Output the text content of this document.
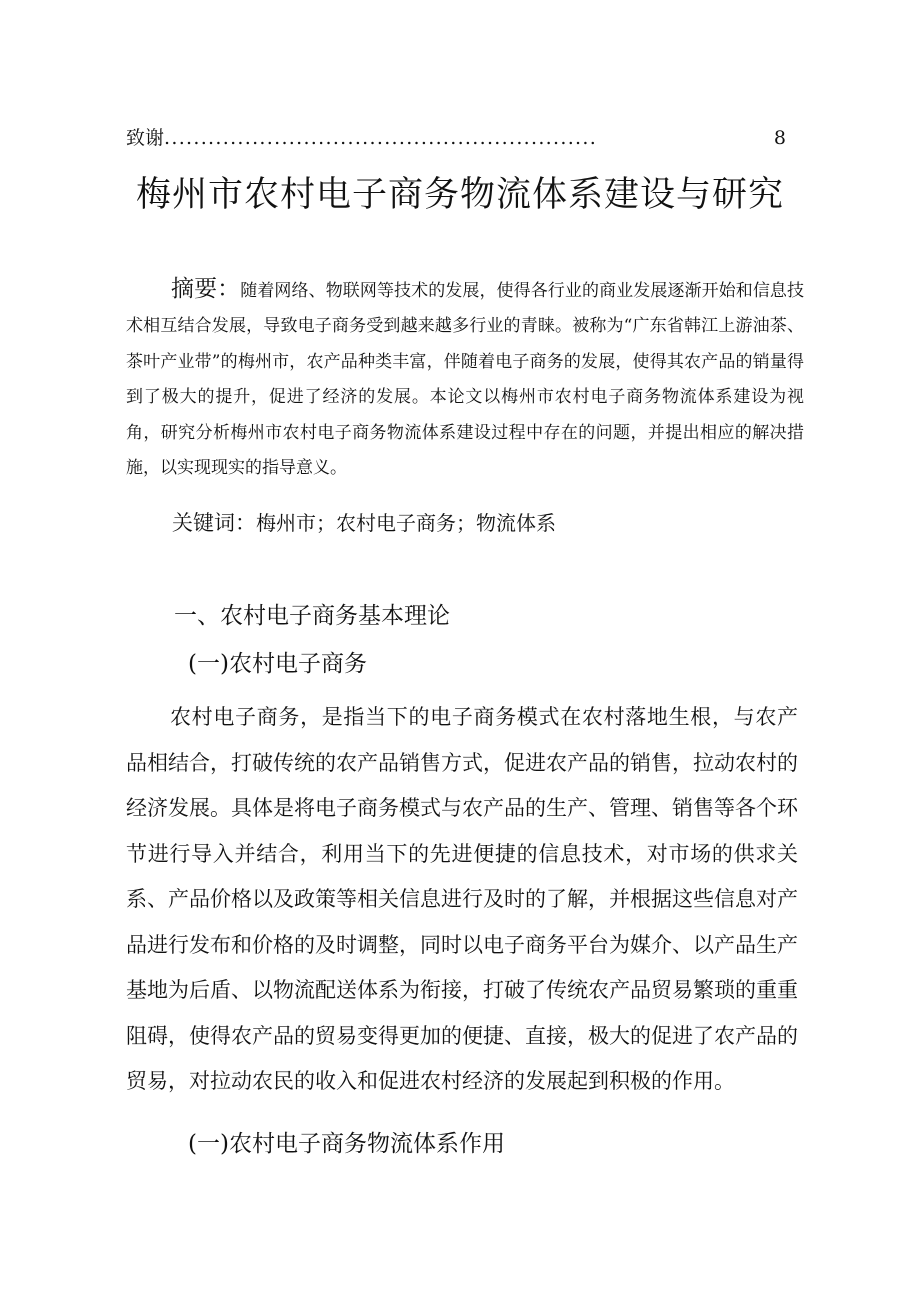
致谢...........................................................	8
梅州市农村电子商务物流体系建设与研究
摘要：随着网络、物联网等技术的发展，使得各行业的商业发展逐渐开始和信息技术相互结合发展，导致电子商务受到越来越多行业的青睐。被称为“广东省韩江上游油茶、茶叶产业带”的梅州市，农产品种类丰富，伴随着电子商务的发展，使得其农产品的销量得到了极大的提升，促进了经济的发展。本论文以梅州市农村电子商务物流体系建设为视角，研究分析梅州市农村电子商务物流体系建设过程中存在的问题，并提出相应的解决措施，以实现现实的指导意义。
关键词：梅州市；农村电子商务；物流体系
一、农村电子商务基本理论
(一)农村电子商务
农村电子商务，是指当下的电子商务模式在农村落地生根，与农产品相结合，打破传统的农产品销售方式，促进农产品的销售，拉动农村的经济发展。具体是将电子商务模式与农产品的生产、管理、销售等各个环节进行导入并结合，利用当下的先进便捷的信息技术，对市场的供求关系、产品价格以及政策等相关信息进行及时的了解，并根据这些信息对产品进行发布和价格的及时调整，同时以电子商务平台为媒介、以产品生产基地为后盾、以物流配送体系为衔接，打破了传统农产品贸易繁琐的重重阻碍，使得农产品的贸易变得更加的便捷、直接，极大的促进了农产品的贸易，对拉动农民的收入和促进农村经济的发展起到积极的作用。
(一)农村电子商务物流体系作用
